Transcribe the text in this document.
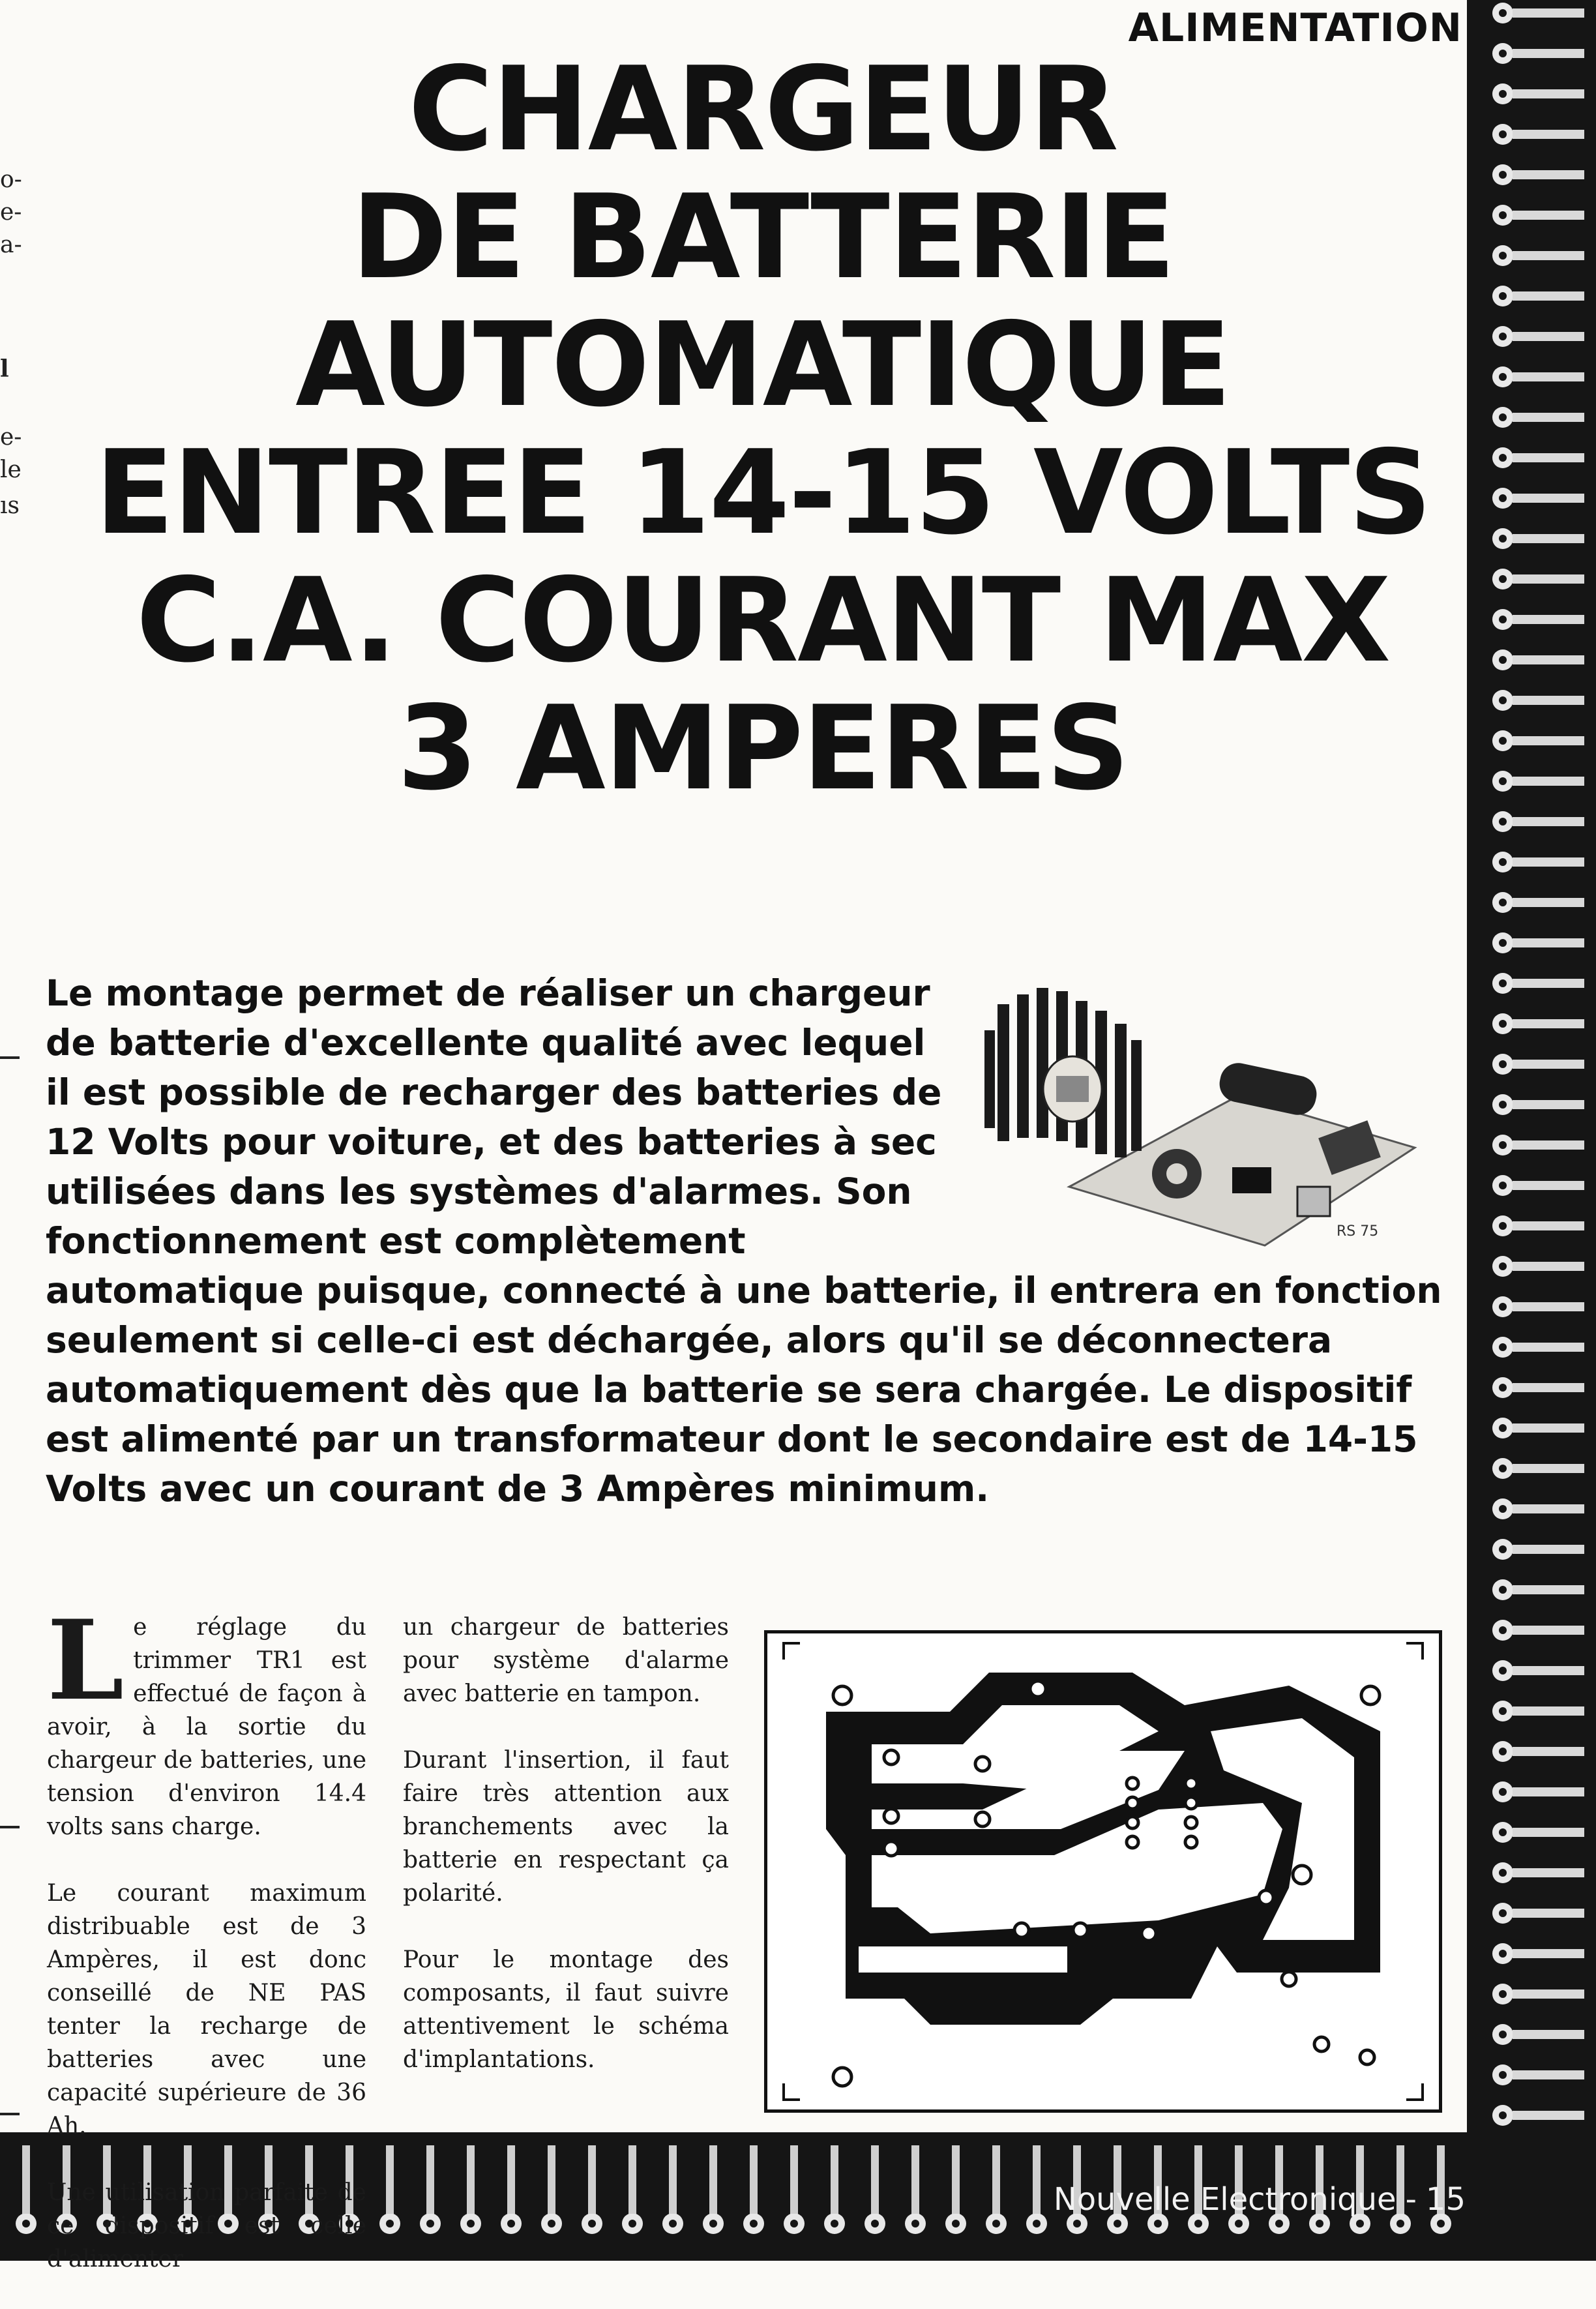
ALIMENTATION
o-
e-
a-
l
e-
le
ıs
CHARGEUR
DE BATTERIE
AUTOMATIQUE
ENTREE 14-15 VOLTS
C.A. COURANT MAX
3 AMPERES

Le montage permet de réaliser un chargeur de batterie d'excellente qualité avec lequel il est possible de recharger des batteries de 12 Volts pour voiture, et des batteries à sec utilisées dans les systèmes d'alarmes. Son fonctionnement est complètement automatique puisque, connecté à une batterie, il entrera en fonction seulement si celle-ci est déchargée, alors qu'il se déconnectera automatiquement dès que la batterie se sera chargée. Le dispositif est alimenté par un transformateur dont le secondaire est de 14-15 Volts avec un courant de 3 Ampères minimum.

RS 75

Le réglage du trimmer TR1 est effectué de façon à avoir, à la sortie du chargeur de batteries, une tension d'environ 14.4 volts sans charge.

Le courant maximum distribuable est de 3 Ampères, il est donc conseillé de NE PAS tenter la recharge de batteries avec une capacité supérieure de 36 Ah.

Une utilisation parfaite de ce dispositif est celle d'alimenter

un chargeur de batteries pour système d'alarme avec batterie en tampon.

Durant l'insertion, il faut faire très attention aux branchements avec la batterie en respectant ça polarité.

Pour le montage des composants, il faut suivre attentivement le schéma d'implantations.

Nouvelle Electronique - 15
